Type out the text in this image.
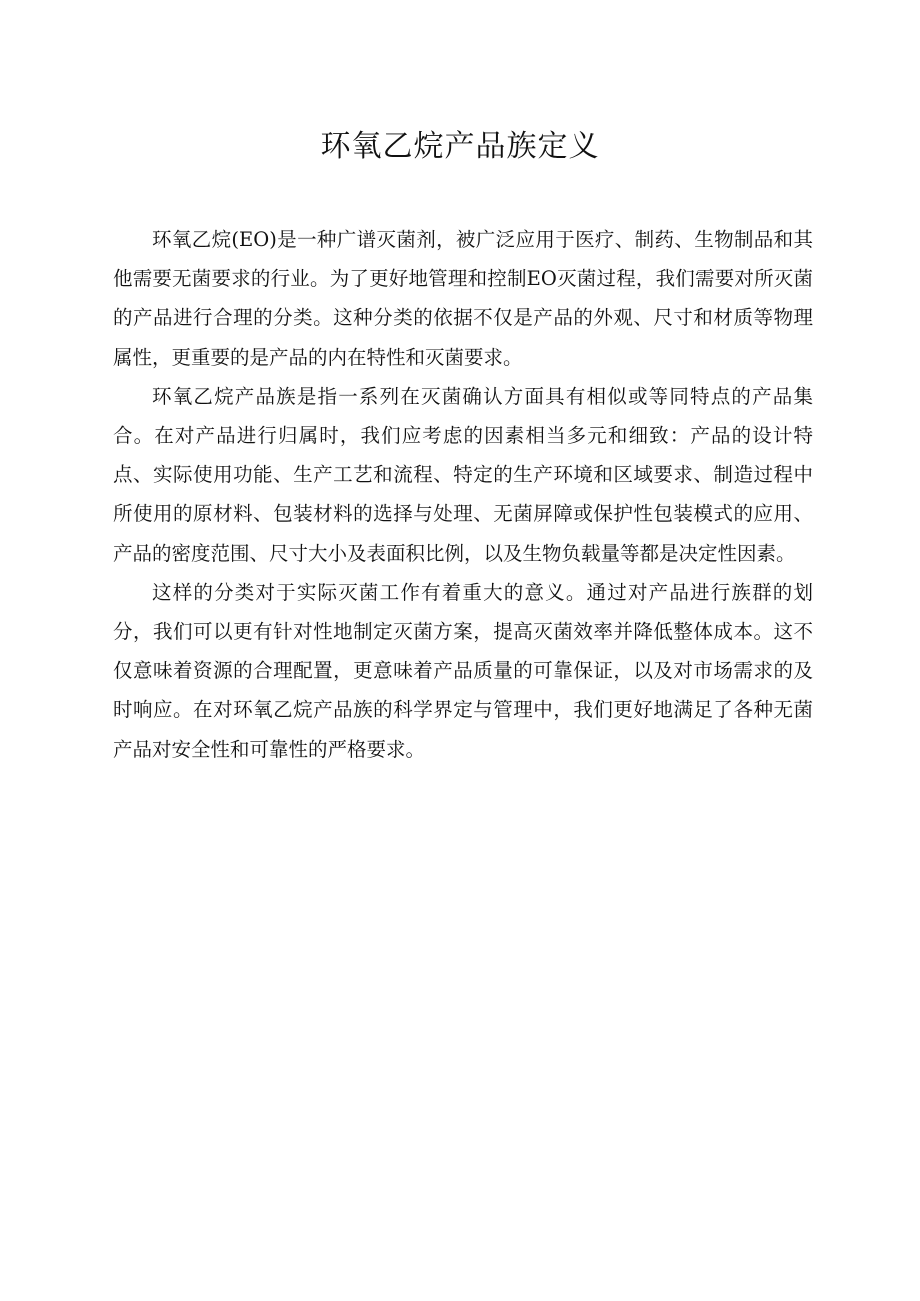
环氧乙烷产品族定义

环氧乙烷(EO)是一种广谱灭菌剂，被广泛应用于医疗、制药、生物制品和其他需要无菌要求的行业。为了更好地管理和控制EO灭菌过程，我们需要对所灭菌的产品进行合理的分类。这种分类的依据不仅是产品的外观、尺寸和材质等物理属性，更重要的是产品的内在特性和灭菌要求。

环氧乙烷产品族是指一系列在灭菌确认方面具有相似或等同特点的产品集合。在对产品进行归属时，我们应考虑的因素相当多元和细致：产品的设计特点、实际使用功能、生产工艺和流程、特定的生产环境和区域要求、制造过程中所使用的原材料、包装材料的选择与处理、无菌屏障或保护性包装模式的应用、产品的密度范围、尺寸大小及表面积比例，以及生物负载量等都是决定性因素。

这样的分类对于实际灭菌工作有着重大的意义。通过对产品进行族群的划分，我们可以更有针对性地制定灭菌方案，提高灭菌效率并降低整体成本。这不仅意味着资源的合理配置，更意味着产品质量的可靠保证，以及对市场需求的及时响应。在对环氧乙烷产品族的科学界定与管理中，我们更好地满足了各种无菌产品对安全性和可靠性的严格要求。
